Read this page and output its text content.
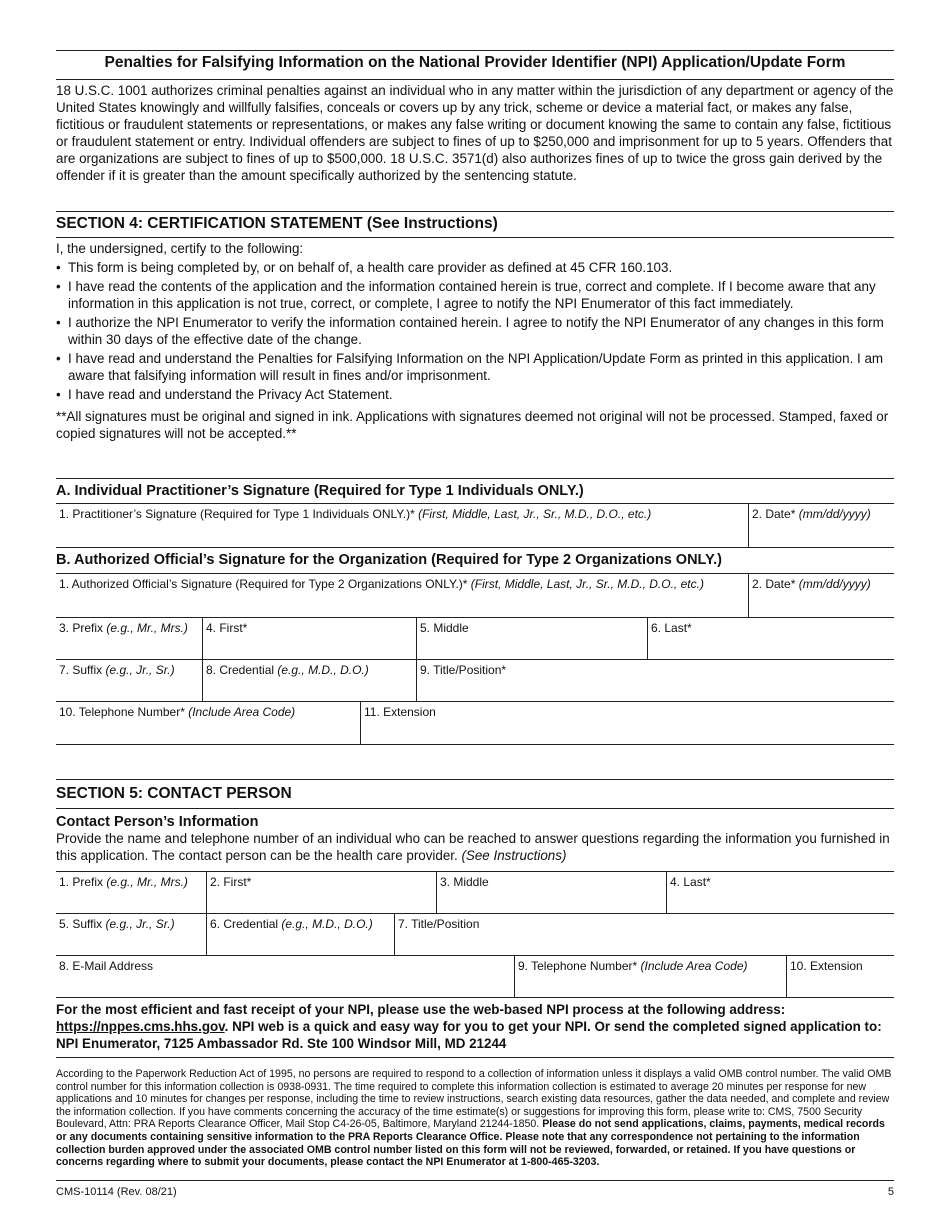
Penalties for Falsifying Information on the National Provider Identifier (NPI) Application/Update Form
18 U.S.C. 1001 authorizes criminal penalties against an individual who in any matter within the jurisdiction of any department or agency of the United States knowingly and willfully falsifies, conceals or covers up by any trick, scheme or device a material fact, or makes any false, fictitious or fraudulent statements or representations, or makes any false writing or document knowing the same to contain any false, fictitious or fraudulent statement or entry. Individual offenders are subject to fines of up to $250,000 and imprisonment for up to 5 years. Offenders that are organizations are subject to fines of up to $500,000. 18 U.S.C. 3571(d) also authorizes fines of up to twice the gross gain derived by the offender if it is greater than the amount specifically authorized by the sentencing statute.
SECTION 4: CERTIFICATION STATEMENT (See Instructions)

I, the undersigned, certify to the following:

• This form is being completed by, or on behalf of, a health care provider as defined at 45 CFR 160.103.
• I have read the contents of the application and the information contained herein is true, correct and complete. If I become aware that any information in this application is not true, correct, or complete, I agree to notify the NPI Enumerator of this fact immediately.
• I authorize the NPI Enumerator to verify the information contained herein. I agree to notify the NPI Enumerator of any changes in this form within 30 days of the effective date of the change.
• I have read and understand the Penalties for Falsifying Information on the NPI Application/Update Form as printed in this application. I am aware that falsifying information will result in fines and/or imprisonment.
• I have read and understand the Privacy Act Statement.

**All signatures must be original and signed in ink. Applications with signatures deemed not original will not be processed. Stamped, faxed or copied signatures will not be accepted.**

A. Individual Practitioner’s Signature (Required for Type 1 Individuals ONLY.)
1. Practitioner’s Signature (Required for Type 1 Individuals ONLY.)* (First, Middle, Last, Jr., Sr., M.D., D.O., etc.)	2. Date* (mm/dd/yyyy)
B. Authorized Official’s Signature for the Organization (Required for Type 2 Organizations ONLY.)
1. Authorized Official’s Signature (Required for Type 2 Organizations ONLY.)* (First, Middle, Last, Jr., Sr., M.D., D.O., etc.)	2. Date* (mm/dd/yyyy)
3. Prefix (e.g., Mr., Mrs.)	4. First*	5. Middle	6. Last*
7. Suffix (e.g., Jr., Sr.)	8. Credential (e.g., M.D., D.O.)	9. Title/Position*
10. Telephone Number* (Include Area Code)	11. Extension
SECTION 5: CONTACT PERSON
Contact Person’s Information
Provide the name and telephone number of an individual who can be reached to answer questions regarding the information you furnished in this application. The contact person can be the health care provider. (See Instructions)
1. Prefix (e.g., Mr., Mrs.)	2. First*	3. Middle	4. Last*
5. Suffix (e.g., Jr., Sr.)	6. Credential (e.g., M.D., D.O.)	7. Title/Position
8. E-Mail Address	9. Telephone Number* (Include Area Code)	10. Extension
For the most efficient and fast receipt of your NPI, please use the web-based NPI process at the following address: https://nppes.cms.hhs.gov. NPI web is a quick and easy way for you to get your NPI. Or send the completed signed application to: NPI Enumerator, 7125 Ambassador Rd. Ste 100 Windsor Mill, MD 21244
According to the Paperwork Reduction Act of 1995, no persons are required to respond to a collection of information unless it displays a valid OMB control number. The valid OMB control number for this information collection is 0938-0931. The time required to complete this information collection is estimated to average 20 minutes per response for new applications and 10 minutes for changes per response, including the time to review instructions, search existing data resources, gather the data needed, and complete and review the information collection. If you have comments concerning the accuracy of the time estimate(s) or suggestions for improving this form, please write to: CMS, 7500 Security Boulevard, Attn: PRA Reports Clearance Officer, Mail Stop C4-26-05, Baltimore, Maryland 21244-1850. Please do not send applications, claims, payments, medical records or any documents containing sensitive information to the PRA Reports Clearance Office. Please note that any correspondence not pertaining to the information collection burden approved under the associated OMB control number listed on this form will not be reviewed, forwarded, or retained. If you have questions or concerns regarding where to submit your documents, please contact the NPI Enumerator at 1-800-465-3203.
CMS-10114 (Rev. 08/21)	5
